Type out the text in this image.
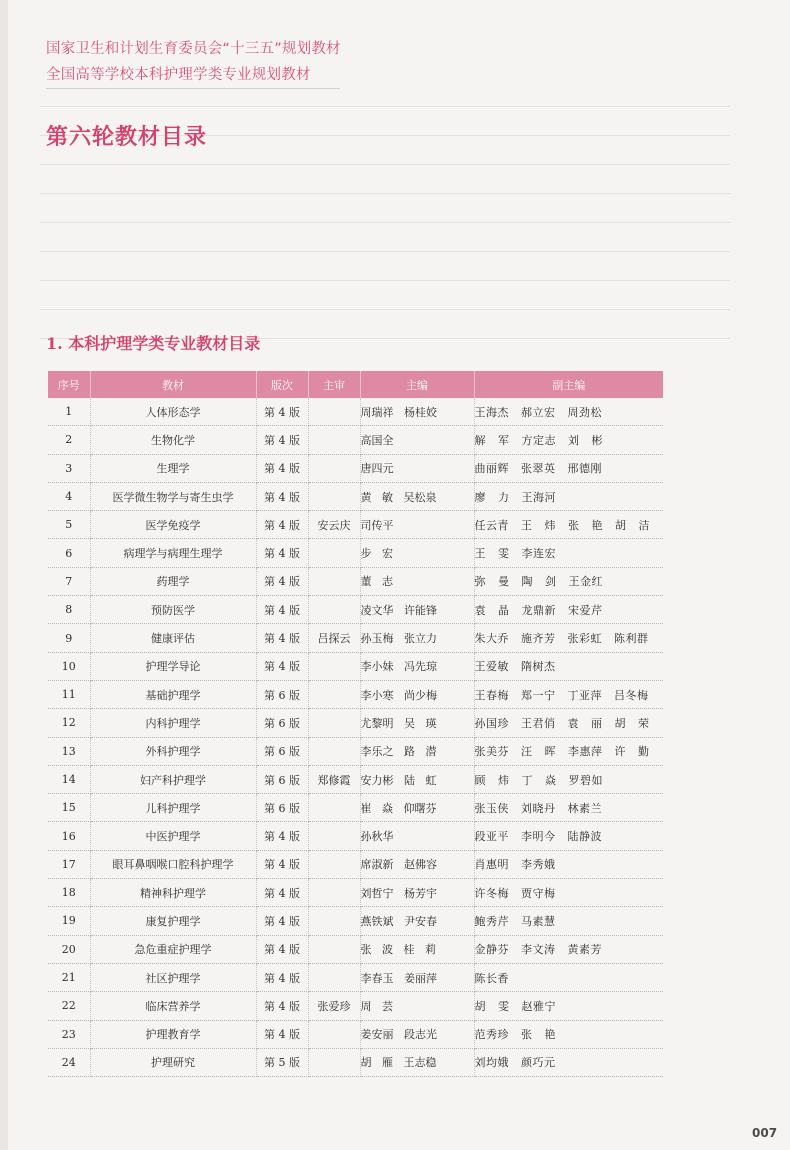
国家卫生和计划生育委员会“十三五”规划教材
全国高等学校本科护理学类专业规划教材
第六轮教材目录
1. 本科护理学类专业教材目录
序号	教材	版次	主审	主编	副主编
1	人体形态学	第 4 版		周瑞祥   杨桂姣	王海杰   郝立宏   周劲松
2	生物化学	第 4 版		高国全	解   军   方定志   刘   彬
3	生理学	第 4 版		唐四元	曲丽辉   张翠英   邢德刚
4	医学微生物学与寄生虫学	第 4 版		黄   敏   吴松泉	廖   力   王海河
5	医学免疫学	第 4 版	安云庆	司传平	任云青   王   炜   张   艳   胡   洁
6	病理学与病理生理学	第 4 版		步   宏	王   雯   李连宏
7	药理学	第 4 版		董   志	弥   曼   陶   剑   王金红
8	预防医学	第 4 版		凌文华   许能锋	袁   晶   龙鼎新   宋爱芹
9	健康评估	第 4 版	吕探云	孙玉梅   张立力	朱大乔   施齐芳   张彩虹   陈利群
10	护理学导论	第 4 版		李小妹   冯先琼	王爱敏   隋树杰
11	基础护理学	第 6 版		李小寒   尚少梅	王春梅   郑一宁   丁亚萍   吕冬梅
12	内科护理学	第 6 版		尤黎明   吴   瑛	孙国珍   王君俏   袁   丽   胡   荣
13	外科护理学	第 6 版		李乐之   路   潜	张美芬   汪   晖   李惠萍   许   勤
14	妇产科护理学	第 6 版	郑修霞	安力彬   陆   虹	顾   炜   丁   焱   罗碧如
15	儿科护理学	第 6 版		崔   焱   仰曙芬	张玉侠   刘晓丹   林素兰
16	中医护理学	第 4 版		孙秋华	段亚平   李明今   陆静波
17	眼耳鼻咽喉口腔科护理学	第 4 版		席淑新   赵佛容	肖惠明   李秀娥
18	精神科护理学	第 4 版		刘哲宁   杨芳宇	许冬梅   贾守梅
19	康复护理学	第 4 版		燕铁斌   尹安春	鲍秀芹   马素慧
20	急危重症护理学	第 4 版		张   波   桂   莉	金静芬   李文涛   黄素芳
21	社区护理学	第 4 版		李春玉   姜丽萍	陈长香
22	临床营养学	第 4 版	张爱珍	周   芸	胡   雯   赵雅宁
23	护理教育学	第 4 版		姜安丽   段志光	范秀珍   张   艳
24	护理研究	第 5 版		胡   雁   王志稳	刘均娥   颜巧元
007
